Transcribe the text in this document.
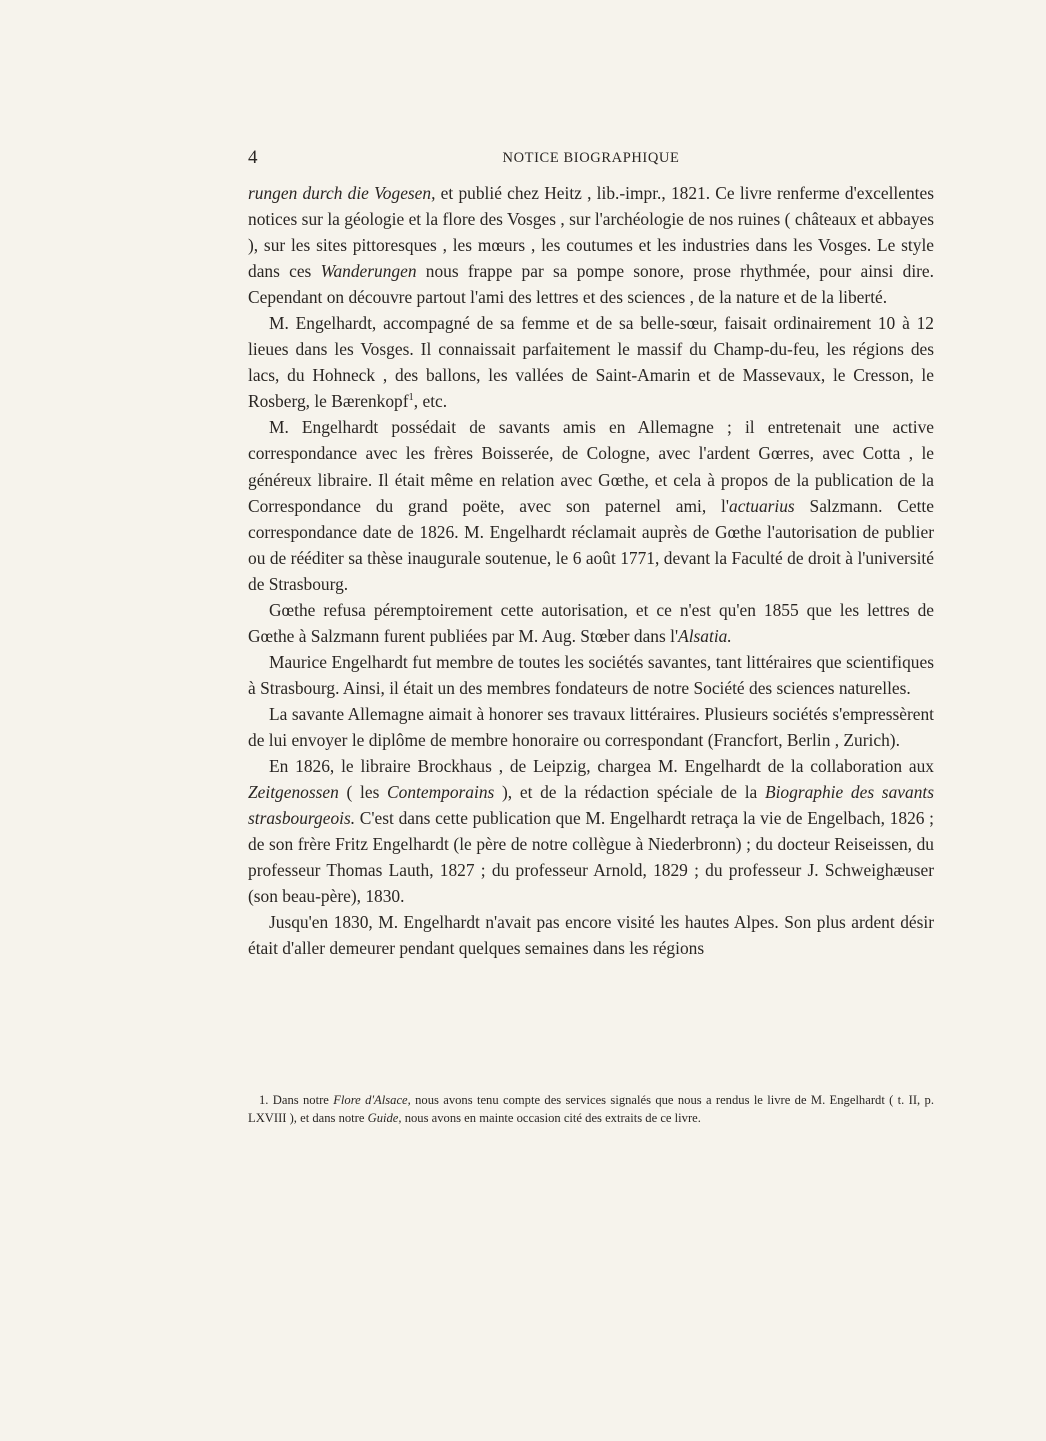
4	NOTICE BIOGRAPHIQUE

rungen durch die Vogesen, et publié chez Heitz , lib.-impr., 1821. Ce livre renferme d'excellentes notices sur la géologie et la flore des Vosges , sur l'archéologie de nos ruines ( châteaux et abbayes ), sur les sites pittoresques , les mœurs , les coutumes et les industries dans les Vosges. Le style dans ces Wanderungen nous frappe par sa pompe sonore, prose rhythmée, pour ainsi dire. Cependant on découvre partout l'ami des lettres et des sciences , de la nature et de la liberté.

M. Engelhardt, accompagné de sa femme et de sa belle-sœur, faisait ordinairement 10 à 12 lieues dans les Vosges. Il connaissait parfaitement le massif du Champ-du-feu, les régions des lacs, du Hohneck , des ballons, les vallées de Saint-Amarin et de Massevaux, le Cresson, le Rosberg, le Bærenkopf$^1$, etc.

M. Engelhardt possédait de savants amis en Allemagne ; il entretenait une active correspondance avec les frères Boisserée, de Cologne, avec l'ardent Gœrres, avec Cotta , le généreux libraire. Il était même en relation avec Gœthe, et cela à propos de la publication de la Correspondance du grand poëte, avec son paternel ami, l'actuarius Salzmann. Cette correspondance date de 1826. M. Engelhardt réclamait auprès de Gœthe l'autorisation de publier ou de rééditer sa thèse inaugurale soutenue, le 6 août 1771, devant la Faculté de droit à l'université de Strasbourg.

Gœthe refusa péremptoirement cette autorisation, et ce n'est qu'en 1855 que les lettres de Gœthe à Salzmann furent publiées par M. Aug. Stœber dans l'Alsatia.

Maurice Engelhardt fut membre de toutes les sociétés savantes, tant littéraires que scientifiques à Strasbourg. Ainsi, il était un des membres fondateurs de notre Société des sciences naturelles.

La savante Allemagne aimait à honorer ses travaux littéraires. Plusieurs sociétés s'empressèrent de lui envoyer le diplôme de membre honoraire ou correspondant (Francfort, Berlin , Zurich).

En 1826, le libraire Brockhaus , de Leipzig, chargea M. Engelhardt de la collaboration aux Zeitgenossen ( les Contemporains ), et de la rédaction spéciale de la Biographie des savants strasbourgeois. C'est dans cette publication que M. Engelhardt retraça la vie de Engelbach, 1826 ; de son frère Fritz Engelhardt (le père de notre collègue à Niederbronn) ; du docteur Reiseissen, du professeur Thomas Lauth, 1827 ; du professeur Arnold, 1829 ; du professeur J. Schweighæuser (son beau-père), 1830.

Jusqu'en 1830, M. Engelhardt n'avait pas encore visité les hautes Alpes. Son plus ardent désir était d'aller demeurer pendant quelques semaines dans les régions

1. Dans notre Flore d'Alsace, nous avons tenu compte des services signalés que nous a rendus le livre de M. Engelhardt ( t. II, p. LXVIII ), et dans notre Guide, nous avons en mainte occasion cité des extraits de ce livre.
